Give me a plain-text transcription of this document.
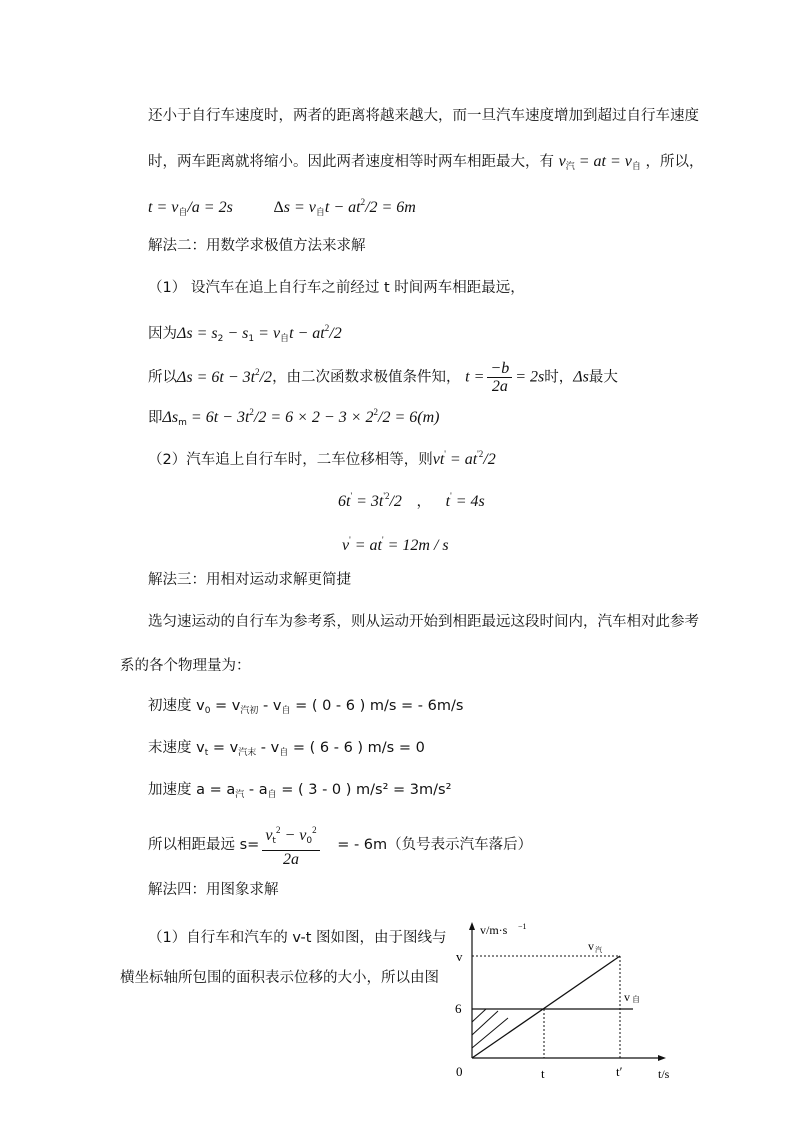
还小于自行车速度时，两者的距离将越来越大，而一旦汽车速度增加到超过自行车速度
时，两车距离就将缩小。因此两者速度相等时两车相距最大，有 $v_汽$ = at = $v_自$ ，所以，
$t = v_自/a = 2s$	$\Delta s = v_自t - at^2/2 = 6m$
解法二：用数学求极值方法来求解
（1） 设汽车在追上自行车之前经过 t 时间两车相距最远，
因为$\Delta s = s_2 - s_1 = v_自t - at^2/2$
所以$\Delta s = 6t - 3t^2/2$，由二次函数求极值条件知， $t = \frac{-b}{2a} = 2s$时，Δs最大
即$\Delta s_m = 6t - 3t^2/2 = 6 \times 2 - 3 \times 2^2/2 = 6(m)$
（2）汽车追上自行车时，二车位移相等，则$vt' = at^{'2}/2$
$6t' = 3t^{'2}/2$ ， t' = 4s
v' = at' = 12m / s
解法三：用相对运动求解更简捷
选匀速运动的自行车为参考系，则从运动开始到相距最远这段时间内，汽车相对此参考
系的各个物理量为：
初速度 $v_0 = v_{汽初} - v_自$ = ( 0 - 6 ) m/s = - 6m/s
末速度 $v_t = v_{汽末} - v_自$ = ( 6 - 6 ) m/s = 0
加速度 $a = a_汽 - a_自$ = ( 3 - 0 ) m/s² = 3m/s²
所以相距最远 $s= \frac{v_t^2 - v_0^2}{2a}$ = - 6m（负号表示汽车落后）
解法四：用图象求解
（1）自行车和汽车的 v-t 图如图，由于图线与
横坐标轴所包围的面积表示位移的大小，所以由图
v/m·s −1
v
6
0	t	t′	t/s
v 汽
v 自
